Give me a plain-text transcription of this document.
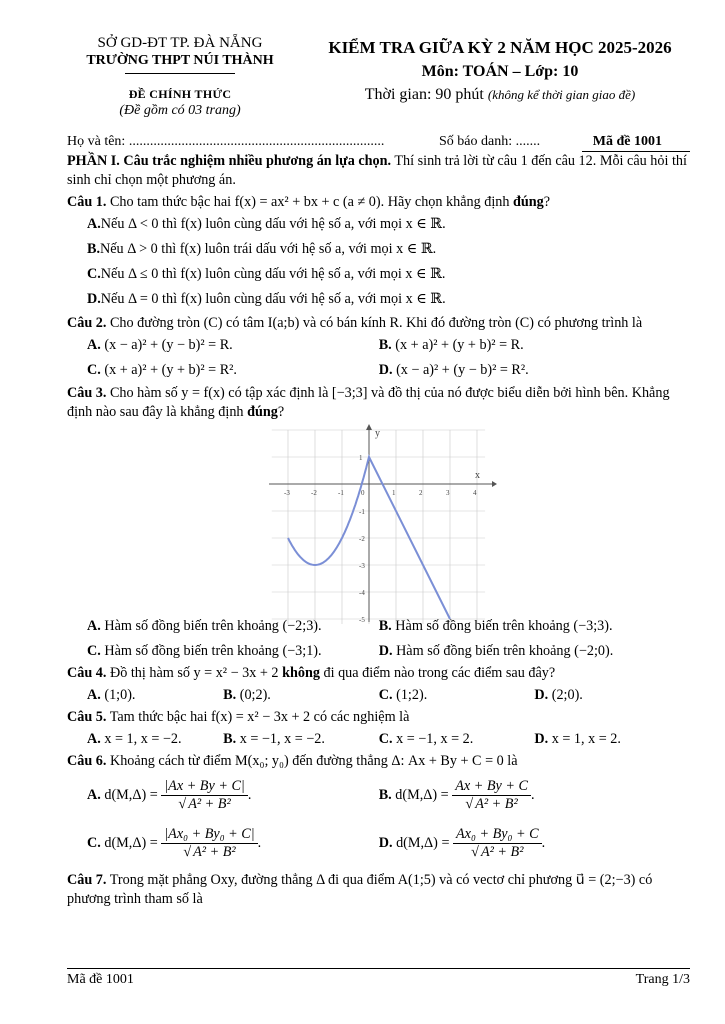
SỞ GD-ĐT TP. ĐÀ NẴNG
TRƯỜNG THPT NÚI THÀNH
ĐỀ CHÍNH THỨC
(Đề gồm có 03 trang)
KIỂM TRA GIỮA KỲ 2 NĂM HỌC 2025-2026
Môn: TOÁN – Lớp: 10
Thời gian: 90 phút (không kể thời gian giao đề)
Họ và tên: .........................................................................	Số báo danh: .......	Mã đề 1001

PHẦN I. Câu trắc nghiệm nhiều phương án lựa chọn. Thí sinh trả lời từ câu 1 đến câu 12. Mỗi câu hỏi thí sinh chỉ chọn một phương án.

Câu 1. Cho tam thức bậc hai f(x) = ax² + bx + c (a ≠ 0). Hãy chọn khẳng định đúng?

A. Nếu Δ < 0 thì f(x) luôn cùng dấu với hệ số a, với mọi x ∈ ℝ.
B. Nếu Δ > 0 thì f(x) luôn trái dấu với hệ số a, với mọi x ∈ ℝ.
C. Nếu Δ ≤ 0 thì f(x) luôn cùng dấu với hệ số a, với mọi x ∈ ℝ.
D. Nếu Δ = 0 thì f(x) luôn cùng dấu với hệ số a, với mọi x ∈ ℝ.

Câu 2. Cho đường tròn (C) có tâm I(a;b) và có bán kính R. Khi đó đường tròn (C) có phương trình là

A. (x − a)² + (y − b)² = R.	B. (x + a)² + (y + b)² = R.
C. (x + a)² + (y + b)² = R².	D. (x − a)² + (y − b)² = R².

Câu 3. Cho hàm số y = f(x) có tập xác định là [−3;3] và đồ thị của nó được biểu diễn bởi hình bên. Khẳng định nào sau đây là khẳng định đúng?

x
y
0
-3	-2	-1	1	2	3	4
1
-1
-2
-3
-4
-5
A. Hàm số đồng biến trên khoảng (−2;3).	B. Hàm số đồng biến trên khoảng (−3;3).
C. Hàm số đồng biến trên khoảng (−3;1).	D. Hàm số đồng biến trên khoảng (−2;0).

Câu 4. Đồ thị hàm số y = x² − 3x + 2 không đi qua điểm nào trong các điểm sau đây?

A. (1;0).	B. (0;2).	C. (1;2).	D. (2;0).

Câu 5. Tam thức bậc hai f(x) = x² − 3x + 2 có các nghiệm là

A. x = 1, x = −2.	B. x = −1, x = −2.	C. x = −1, x = 2.	D. x = 1, x = 2.

Câu 6. Khoảng cách từ điểm M(x₀; y₀) đến đường thẳng Δ: Ax + By + C = 0 là

A. d(M,Δ) = |Ax + By + C|
√ A² + B² .	B. d(M,Δ) = Ax + By + C
√ A² + B² .
C. d(M,Δ) = |Ax₀ + By₀ + C|
√ A² + B² .	D. d(M,Δ) = Ax₀ + By₀ + C
√ A² + B² .

Câu 7. Trong mặt phẳng Oxy, đường thẳng Δ đi qua điểm A(1;5) và có vectơ chỉ phương u⃗ = (2;−3) có phương trình tham số là

Mã đề 1001	Trang 1/3
